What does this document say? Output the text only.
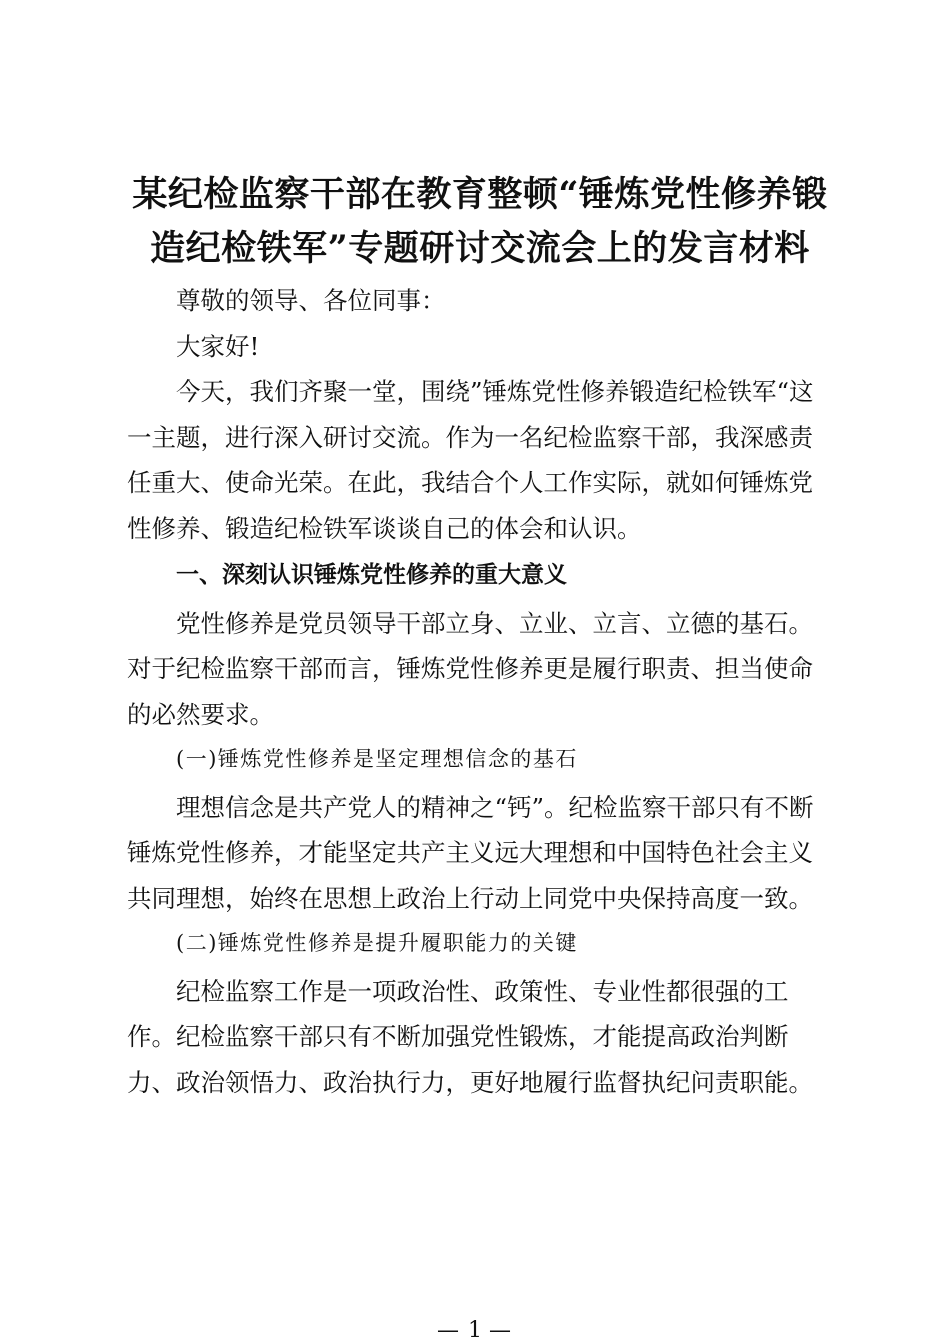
某纪检监察干部在教育整顿“锤炼党性修养锻
造纪检铁军”专题研讨交流会上的发言材料

尊敬的领导、各位同事：

大家好!

今天，我们齐聚一堂，围绕”锤炼党性修养锻造纪检铁军“这一主题，进行深入研讨交流。作为一名纪检监察干部，我深感责任重大、使命光荣。在此，我结合个人工作实际，就如何锤炼党性修养、锻造纪检铁军谈谈自己的体会和认识。

一、深刻认识锤炼党性修养的重大意义

党性修养是党员领导干部立身、立业、立言、立德的基石。对于纪检监察干部而言，锤炼党性修养更是履行职责、担当使命的必然要求。

(一)锤炼党性修养是坚定理想信念的基石

理想信念是共产党人的精神之“钙”。纪检监察干部只有不断锤炼党性修养，才能坚定共产主义远大理想和中国特色社会主义共同理想，始终在思想上政治上行动上同党中央保持高度一致。

(二)锤炼党性修养是提升履职能力的关键

纪检监察工作是一项政治性、政策性、专业性都很强的工作。纪检监察干部只有不断加强党性锻炼，才能提高政治判断力、政治领悟力、政治执行力，更好地履行监督执纪问责职能。

— 1 —
